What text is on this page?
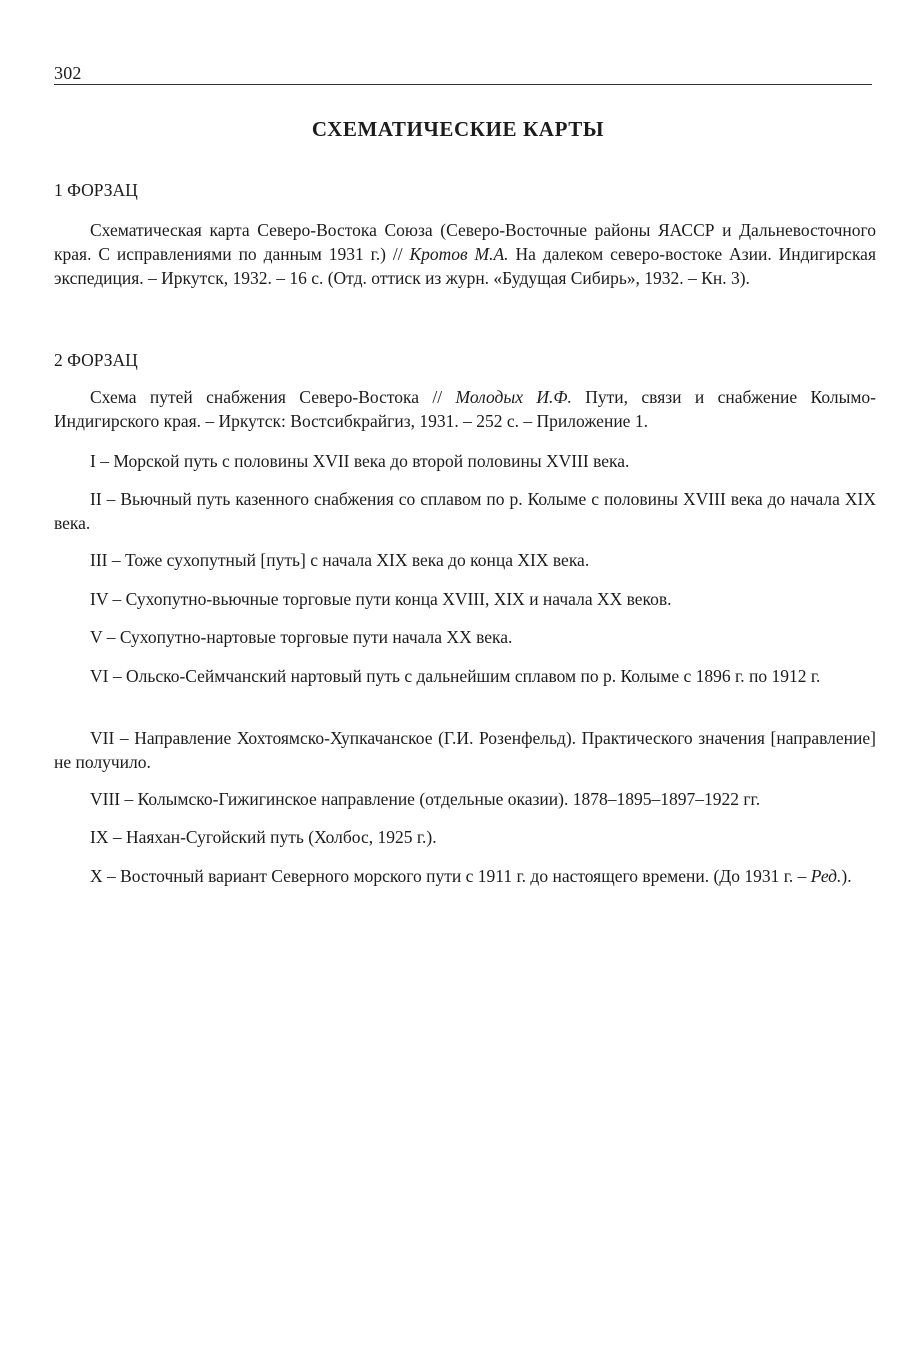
302
СХЕМАТИЧЕСКИЕ КАРТЫ
1 ФОРЗАЦ
Схематическая карта Северо-Востока Союза (Северо-Восточные районы ЯАССР и Дальневосточного края. С исправлениями по данным 1931 г.) // Кротов М.А. На далеком северо-востоке Азии. Индигирская экспедиция. – Иркутск, 1932. – 16 с. (Отд. оттиск из журн. «Будущая Сибирь», 1932. – Кн. 3).
2 ФОРЗАЦ
Схема путей снабжения Северо-Востока // Молодых И.Ф. Пути, связи и снабжение Колымо-Индигирского края. – Иркутск: Востсибкрайгиз, 1931. – 252 с. – Приложение 1.
I – Морской путь с половины XVII века до второй половины XVIII века.
II – Вьючный путь казенного снабжения со сплавом по р. Колыме с половины XVIII века до начала XIX века.
III – Тоже сухопутный [путь] с начала XIX века до конца XIX века.
IV – Сухопутно-вьючные торговые пути конца XVIII, XIX и начала XX веков.
V – Сухопутно-нартовые торговые пути начала XX века.
VI – Ольско-Сеймчанский нартовый путь с дальнейшим сплавом по р. Колыме с 1896 г. по 1912 г.
VII – Направление Хохтоямско-Хупкачанское (Г.И. Розенфельд). Практического значения [направление] не получило.
VIII – Колымско-Гижигинское направление (отдельные оказии). 1878–1895–1897–1922 гг.
IX – Наяхан-Сугойский путь (Холбос, 1925 г.).
X – Восточный вариант Северного морского пути с 1911 г. до настоящего времени. (До 1931 г. – Ред.).
